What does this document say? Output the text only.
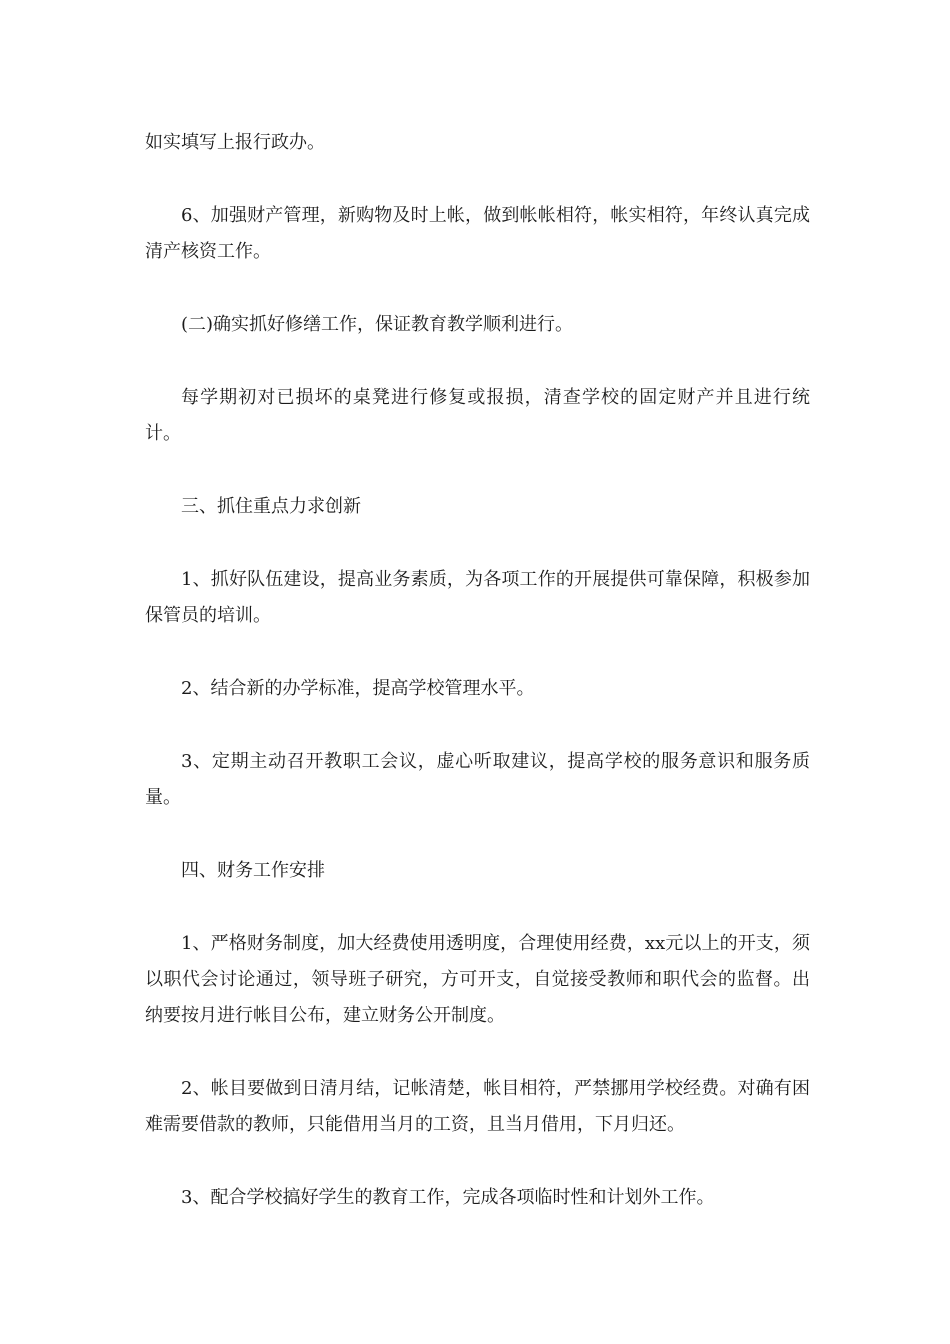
如实填写上报行政办。

6、加强财产管理，新购物及时上帐，做到帐帐相符，帐实相符，年终认真完成清产核资工作。

(二)确实抓好修缮工作，保证教育教学顺利进行。

每学期初对已损坏的桌凳进行修复或报损，清查学校的固定财产并且进行统计。

三、抓住重点力求创新

1、抓好队伍建设，提高业务素质，为各项工作的开展提供可靠保障，积极参加保管员的培训。

2、结合新的办学标准，提高学校管理水平。

3、定期主动召开教职工会议，虚心听取建议，提高学校的服务意识和服务质量。

四、财务工作安排

1、严格财务制度，加大经费使用透明度，合理使用经费，xx元以上的开支，须以职代会讨论通过，领导班子研究，方可开支，自觉接受教师和职代会的监督。出纳要按月进行帐目公布，建立财务公开制度。

2、帐目要做到日清月结，记帐清楚，帐目相符，严禁挪用学校经费。对确有困难需要借款的教师，只能借用当月的工资，且当月借用，下月归还。

3、配合学校搞好学生的教育工作，完成各项临时性和计划外工作。
